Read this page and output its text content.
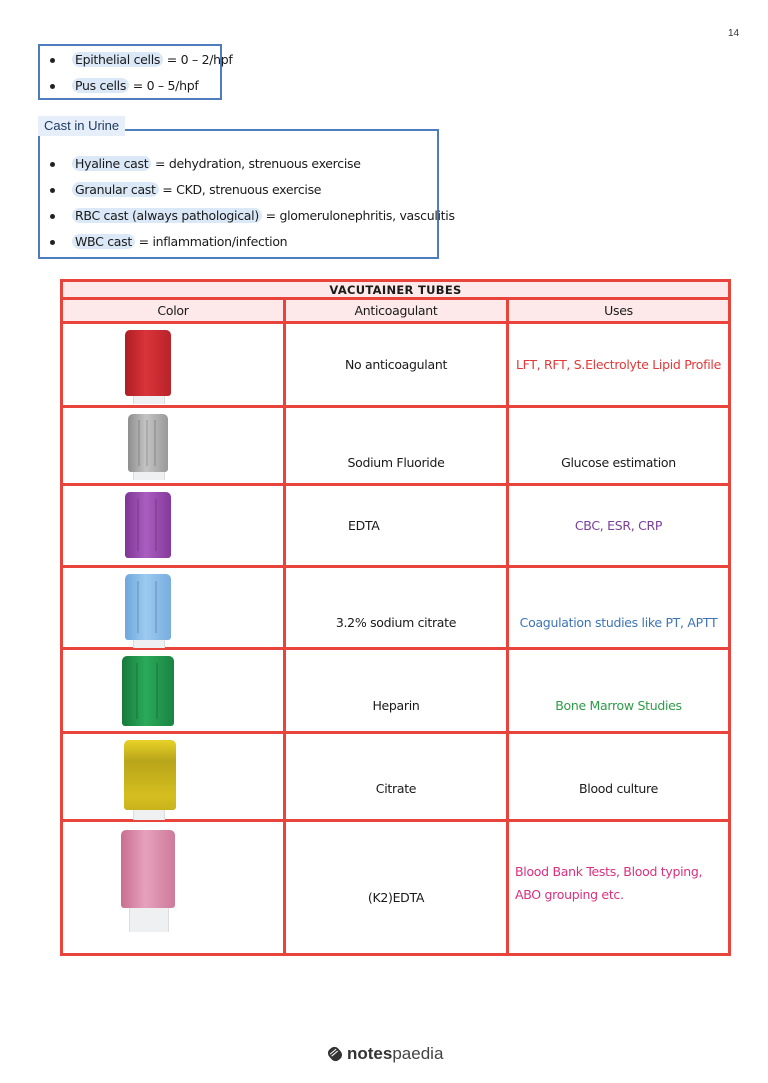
14
Epithelial cells = 0 – 2/hpf
Pus cells = 0 – 5/hpf
Hyaline cast = dehydration, strenuous exercise
Granular cast = CKD, strenuous exercise
RBC cast (always pathological) = glomerulonephritis, vasculitis
WBC cast = inflammation/infection
Cast in Urine
VACUTAINER TUBES		
Color	Anticoagulant	Uses

	No anticoagulant	LFT, RFT, S.Electrolyte Lipid Profile

	Sodium Fluoride	Glucose estimation

	EDTA	CBC, ESR, CRP

	3.2% sodium citrate	Coagulation studies like PT, APTT

	Heparin	Bone Marrow Studies

	Citrate	Blood culture

	(K2)EDTA	Blood Bank Tests, Blood typing, ABO grouping etc.
notespaedia
